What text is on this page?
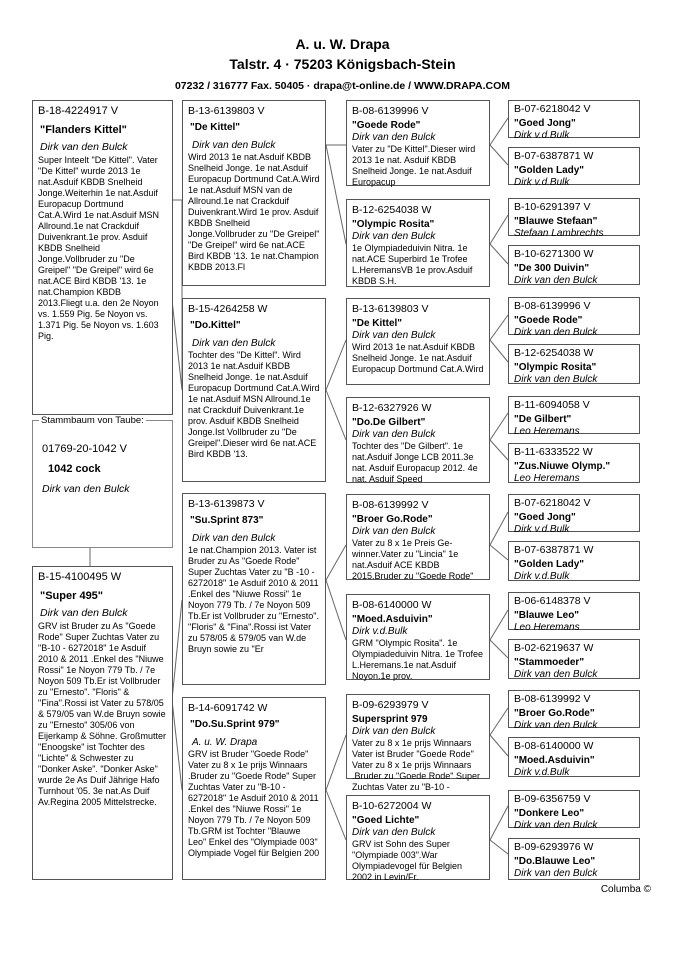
A. u. W. Drapa
Talstr. 4 · 75203 Königsbach-Stein
07232 / 316777 Fax. 50405 · drapa@t-online.de / WWW.DRAPA.COM
B-18-4224917 V
"Flanders Kittel"
Dirk van den Bulck
Super Inteelt "De Kittel". Vater "De Kittel" wurde 2013 1e nat.Asduif KBDB Snelheid Jonge.Weiterhin 1e nat.Asduif Europacup Dortmund Cat.A.Wird 1e nat.Asduif MSN Allround.1e nat Crackduif Duivenkrant.1e prov. Asduif KBDB Snelheid Jonge.Vollbruder zu "De Greipel" "De Greipel" wird 6e nat.ACE Bird KBDB '13. 1e nat.Champion KBDB 2013.Fliegt u.a. den 2e Noyon vs. 1.559 Pig. 5e Noyon vs. 1.371 Pig. 5e Noyon vs. 1.603 Pig.
Stammbaum von Taube:
01769-20-1042 V
1042 cock
Dirk van den Bulck
B-15-4100495 W
"Super 495"
Dirk van den Bulck
GRV ist Bruder zu As "Goede Rode" Super Zuchtas Vater zu "B-10 - 6272018" 1e Asduif 2010 & 2011 .Enkel des "Niuwe Rossi" 1e Noyon 779 Tb. / 7e Noyon 509 Tb.Er ist Vollbruder zu "Ernesto". "Floris" & "Fina".Rossi ist Vater zu 578/05 & 579/05 van W.de Bruyn sowie zu "Ernesto" 305/06 von Eijerkamp & Söhne. Großmutter "Enoogske" ist Tochter des "Lichte" & Schwester zu "Donker Aske". "Donker Aske" wurde 2e As Duif Jährige Hafo Turnhout '05. 3e nat.As Duif Av.Regina 2005 Mittelstrecke.
B-13-6139803 V
"De Kittel"
Dirk van den Bulck
Wird 2013 1e nat.Asduif KBDB Snelheid Jonge. 1e nat.Asduif Europacup Dortmund Cat.A.Wird 1e nat.Asduif MSN van de Allround.1e nat Crackduif Duivenkrant.Wird 1e prov. Asduif KBDB Snelheid Jonge.Vollbruder zu "De Greipel" "De Greipel" wird 6e nat.ACE Bird KBDB '13. 1e nat.Champion KBDB 2013.Fl
B-15-4264258 W
"Do.Kittel"
Dirk van den Bulck
Tochter des "De Kittel". Wird 2013 1e nat.Asduif KBDB Snelheid Jonge. 1e nat.Asduif Europacup Dortmund Cat.A.Wird 1e nat.Asduif MSN Allround.1e nat Crackduif Duivenkrant.1e prov. Asduif KBDB Snelheid Jonge.Ist Vollbruder zu "De Greipel".Dieser wird 6e nat.ACE Bird KBDB '13.
B-13-6139873 V
"Su.Sprint 873"
Dirk van den Bulck
1e nat.Champion 2013. Vater ist Bruder zu As "Goede Rode" Super Zuchtas Vater zu "B -10 - 6272018" 1e Asduif 2010 & 2011 .Enkel des "Niuwe Rossi" 1e Noyon 779 Tb. / 7e Noyon 509 Tb.Er ist Vollbruder zu "Ernesto". "Floris" & "Fina".Rossi ist Vater zu 578/05 & 579/05 van W.de Bruyn sowie zu "Er
B-14-6091742 W
"Do.Su.Sprint 979"
A. u. W. Drapa
GRV ist Bruder "Goede Rode" Vater zu 8 x 1e prijs Winnaars .Bruder zu "Goede Rode" Super Zuchtas Vater zu "B-10 - 6272018" 1e Asduif 2010 & 2011 .Enkel des "Niuwe Rossi" 1e Noyon 779 Tb. / 7e Noyon 509 Tb.GRM ist Tochter "Blauwe Leo" Enkel des "Olympiade 003" Olympiade Vogel für Belgien 200
B-08-6139996 V
"Goede Rode"
Dirk van den Bulck
Vater zu "De Kittel".Dieser wird 2013 1e nat. Asduif KBDB Snelheid Jonge. 1e nat.Asduif Europacup
B-12-6254038 W
"Olympic Rosita"
Dirk van den Bulck
1e Olympiadeduivin Nitra. 1e nat.ACE Superbird 1e Trofee L.HeremansVB 1e prov.Asduif KBDB S.H.
B-13-6139803 V
"De Kittel"
Dirk van den Bulck
Wird 2013 1e nat.Asduif KBDB Snelheid Jonge. 1e nat.Asduif Europacup Dortmund Cat.A.Wird
B-12-6327926 W
"Do.De Gilbert"
Dirk van den Bulck
Tochter des "De Gilbert". 1e nat.Asduif Jonge LCB 2011.3e nat. Asduif Europacup 2012. 4e nat. Asduif Speed
B-08-6139992 V
"Broer Go.Rode"
Dirk van den Bulck
Vater zu 8 x 1e Preis Ge-winner.Vater zu "Lincia" 1e nat.Asduif ACE KBDB 2015.Bruder zu "Goede Rode"
B-08-6140000 W
"Moed.Asduivin"
Dirk v.d.Bulk
GRM "Olympic Rosita". 1e Olympiadeduivin Nitra. 1e Trofee L.Heremans.1e nat.Asduif Noyon.1e prov.
B-09-6293979 V
Supersprint 979
Dirk van den Bulck
Vater zu 8 x 1e prijs Winnaars Vater ist Bruder "Goede Rode" Vater zu 8 x 1e prijs Winnaars .Bruder zu "Goede Rode" Super Zuchtas Vater zu "B-10 -
B-10-6272004 W
"Goed Lichte"
Dirk van den Bulck
GRV ist Sohn des Super "Olympiade 003".War Olympiadevogel für Belgien 2002 in Levin/Fr.
B-07-6218042 V
"Goed Jong"
Dirk v.d.Bulk
B-07-6387871 W
"Golden Lady"
Dirk v.d.Bulk
B-10-6291397 V
"Blauwe Stefaan"
Stefaan Lambrechts
B-10-6271300 W
"De 300 Duivin"
Dirk van den Bulck
B-08-6139996 V
"Goede Rode"
Dirk van den Bulck
B-12-6254038 W
"Olympic Rosita"
Dirk van den Bulck
B-11-6094058 V
"De Gilbert"
Leo Heremans
B-11-6333522 W
"Zus.Niuwe Olymp."
Leo Heremans
B-07-6218042 V
"Goed Jong"
Dirk v.d.Bulk
B-07-6387871 W
"Golden Lady"
Dirk v.d.Bulk
B-06-6148378 V
"Blauwe Leo"
Leo Heremans
B-02-6219637 W
"Stammoeder"
Dirk van den Bulck
B-08-6139992 V
"Broer Go.Rode"
Dirk van den Bulck
B-08-6140000 W
"Moed.Asduivin"
Dirk v.d.Bulk
B-09-6356759 V
"Donkere Leo"
Dirk van den Bulck
B-09-6293976 W
"Do.Blauwe Leo"
Dirk van den Bulck
Columba ©
